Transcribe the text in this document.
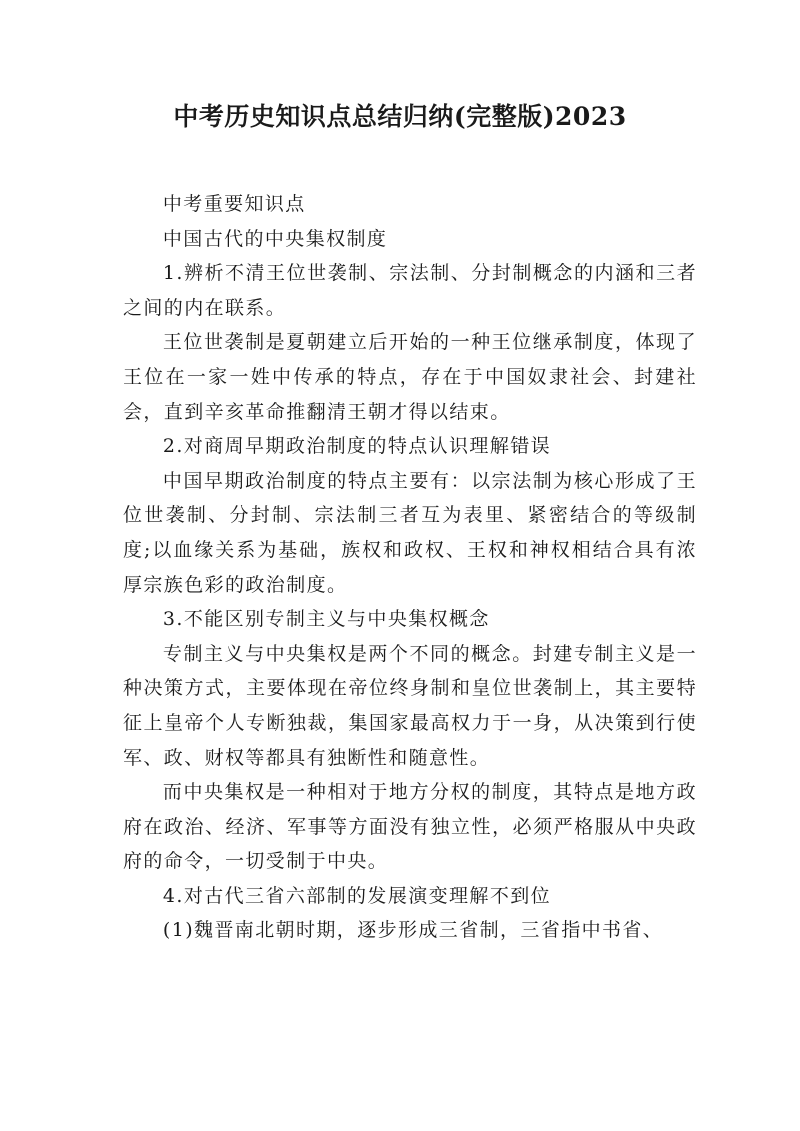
中考历史知识点总结归纳(完整版)2023

中考重要知识点

中国古代的中央集权制度

1.辨析不清王位世袭制、宗法制、分封制概念的内涵和三者之间的内在联系。

王位世袭制是夏朝建立后开始的一种王位继承制度，体现了王位在一家一姓中传承的特点，存在于中国奴隶社会、封建社会，直到辛亥革命推翻清王朝才得以结束。

2.对商周早期政治制度的特点认识理解错误

中国早期政治制度的特点主要有：以宗法制为核心形成了王位世袭制、分封制、宗法制三者互为表里、紧密结合的等级制度;以血缘关系为基础，族权和政权、王权和神权相结合具有浓厚宗族色彩的政治制度。

3.不能区别专制主义与中央集权概念

专制主义与中央集权是两个不同的概念。封建专制主义是一种决策方式，主要体现在帝位终身制和皇位世袭制上，其主要特征上皇帝个人专断独裁，集国家最高权力于一身，从决策到行使军、政、财权等都具有独断性和随意性。

而中央集权是一种相对于地方分权的制度，其特点是地方政府在政治、经济、军事等方面没有独立性，必须严格服从中央政府的命令，一切受制于中央。

4.对古代三省六部制的发展演变理解不到位

(1)魏晋南北朝时期，逐步形成三省制，三省指中书省、
